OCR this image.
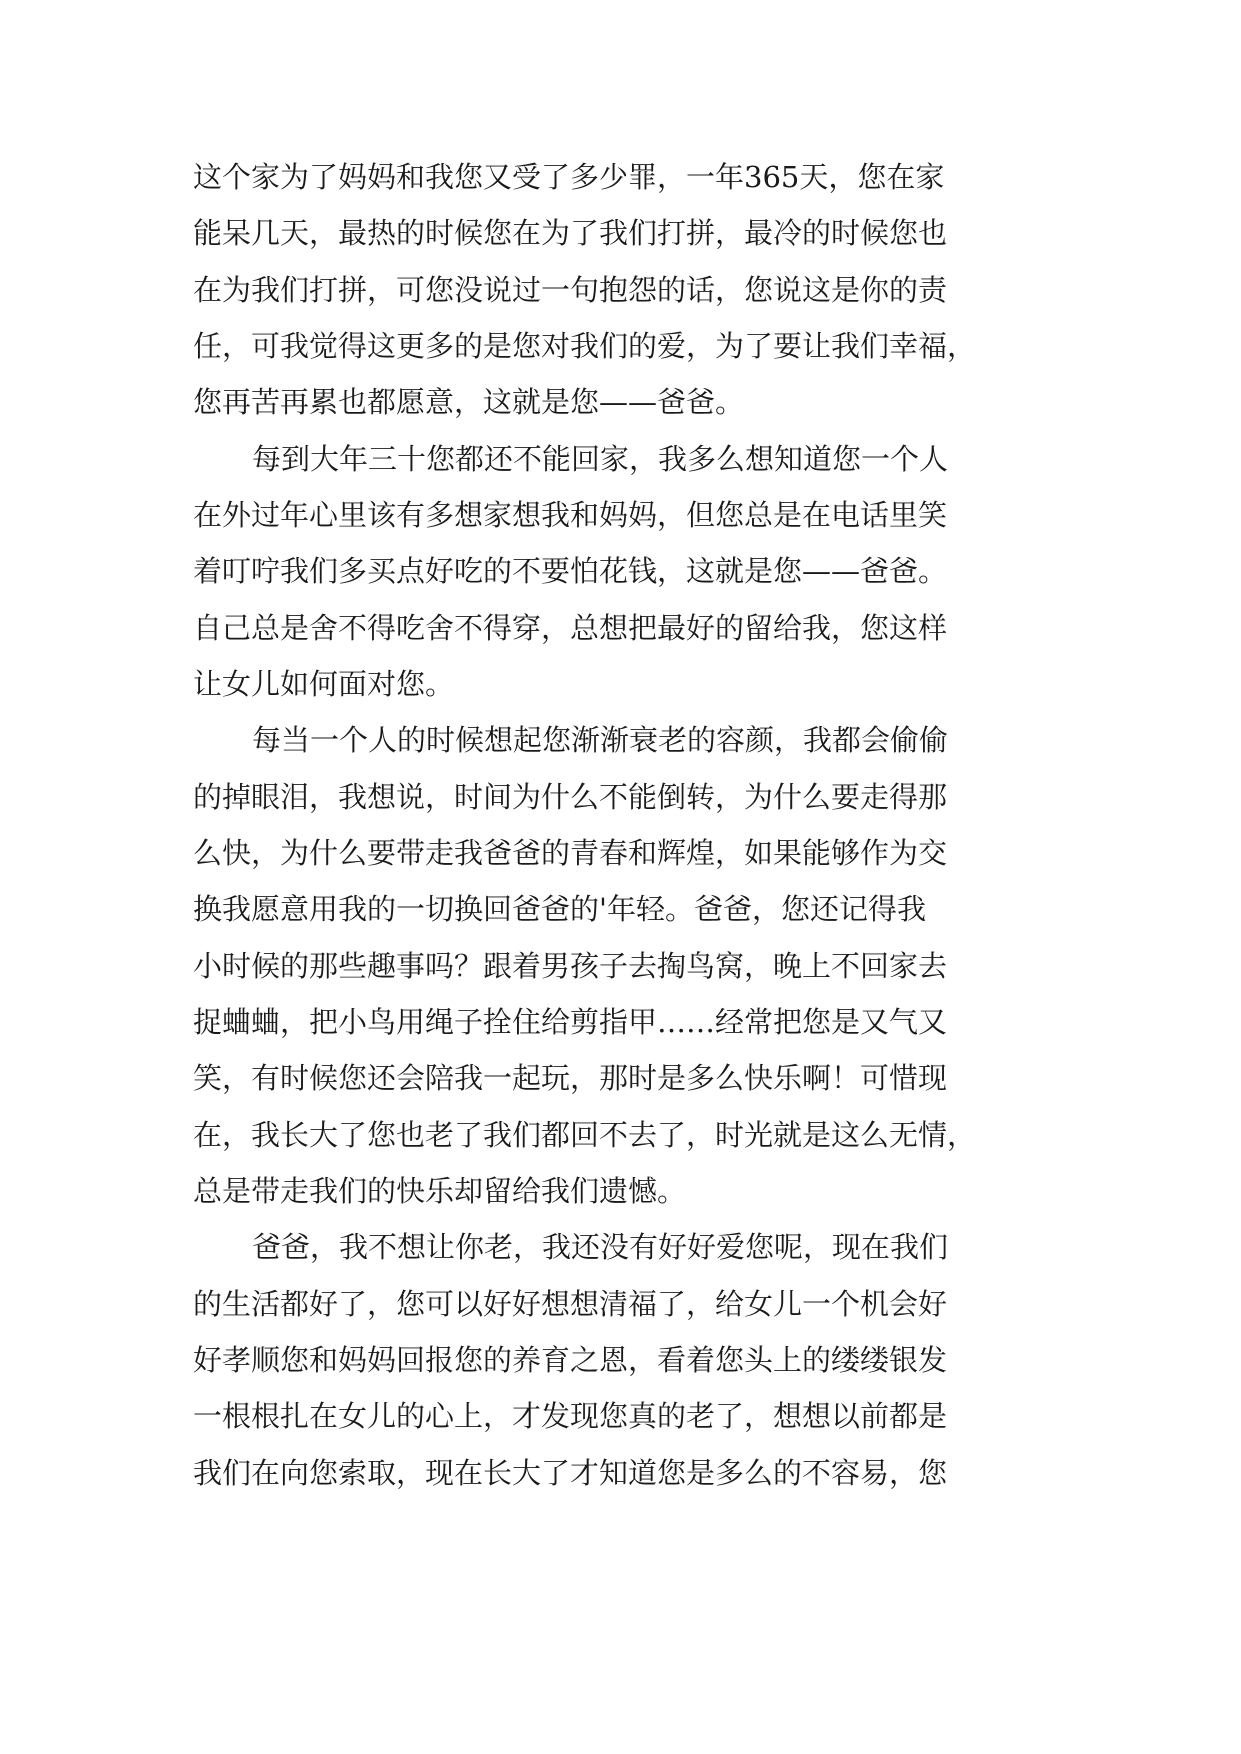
这个家为了妈妈和我您又受了多少罪，一年365天，您在家

能呆几天，最热的时候您在为了我们打拼，最冷的时候您也

在为我们打拼，可您没说过一句抱怨的话，您说这是你的责

任，可我觉得这更多的是您对我们的爱，为了要让我们幸福，

您再苦再累也都愿意，这就是您——爸爸。

每到大年三十您都还不能回家，我多么想知道您一个人

在外过年心里该有多想家想我和妈妈，但您总是在电话里笑

着叮咛我们多买点好吃的不要怕花钱，这就是您——爸爸。

自己总是舍不得吃舍不得穿，总想把最好的留给我，您这样

让女儿如何面对您。

每当一个人的时候想起您渐渐衰老的容颜，我都会偷偷

的掉眼泪，我想说，时间为什么不能倒转，为什么要走得那

么快，为什么要带走我爸爸的青春和辉煌，如果能够作为交

换我愿意用我的一切换回爸爸的'年轻。爸爸，您还记得我

小时候的那些趣事吗？跟着男孩子去掏鸟窝，晚上不回家去

捉蛐蛐，把小鸟用绳子拴住给剪指甲……经常把您是又气又

笑，有时候您还会陪我一起玩，那时是多么快乐啊！可惜现

在，我长大了您也老了我们都回不去了，时光就是这么无情，

总是带走我们的快乐却留给我们遗憾。

爸爸，我不想让你老，我还没有好好爱您呢，现在我们

的生活都好了，您可以好好想想清福了，给女儿一个机会好

好孝顺您和妈妈回报您的养育之恩，看着您头上的缕缕银发

一根根扎在女儿的心上，才发现您真的老了，想想以前都是

我们在向您索取，现在长大了才知道您是多么的不容易，您
